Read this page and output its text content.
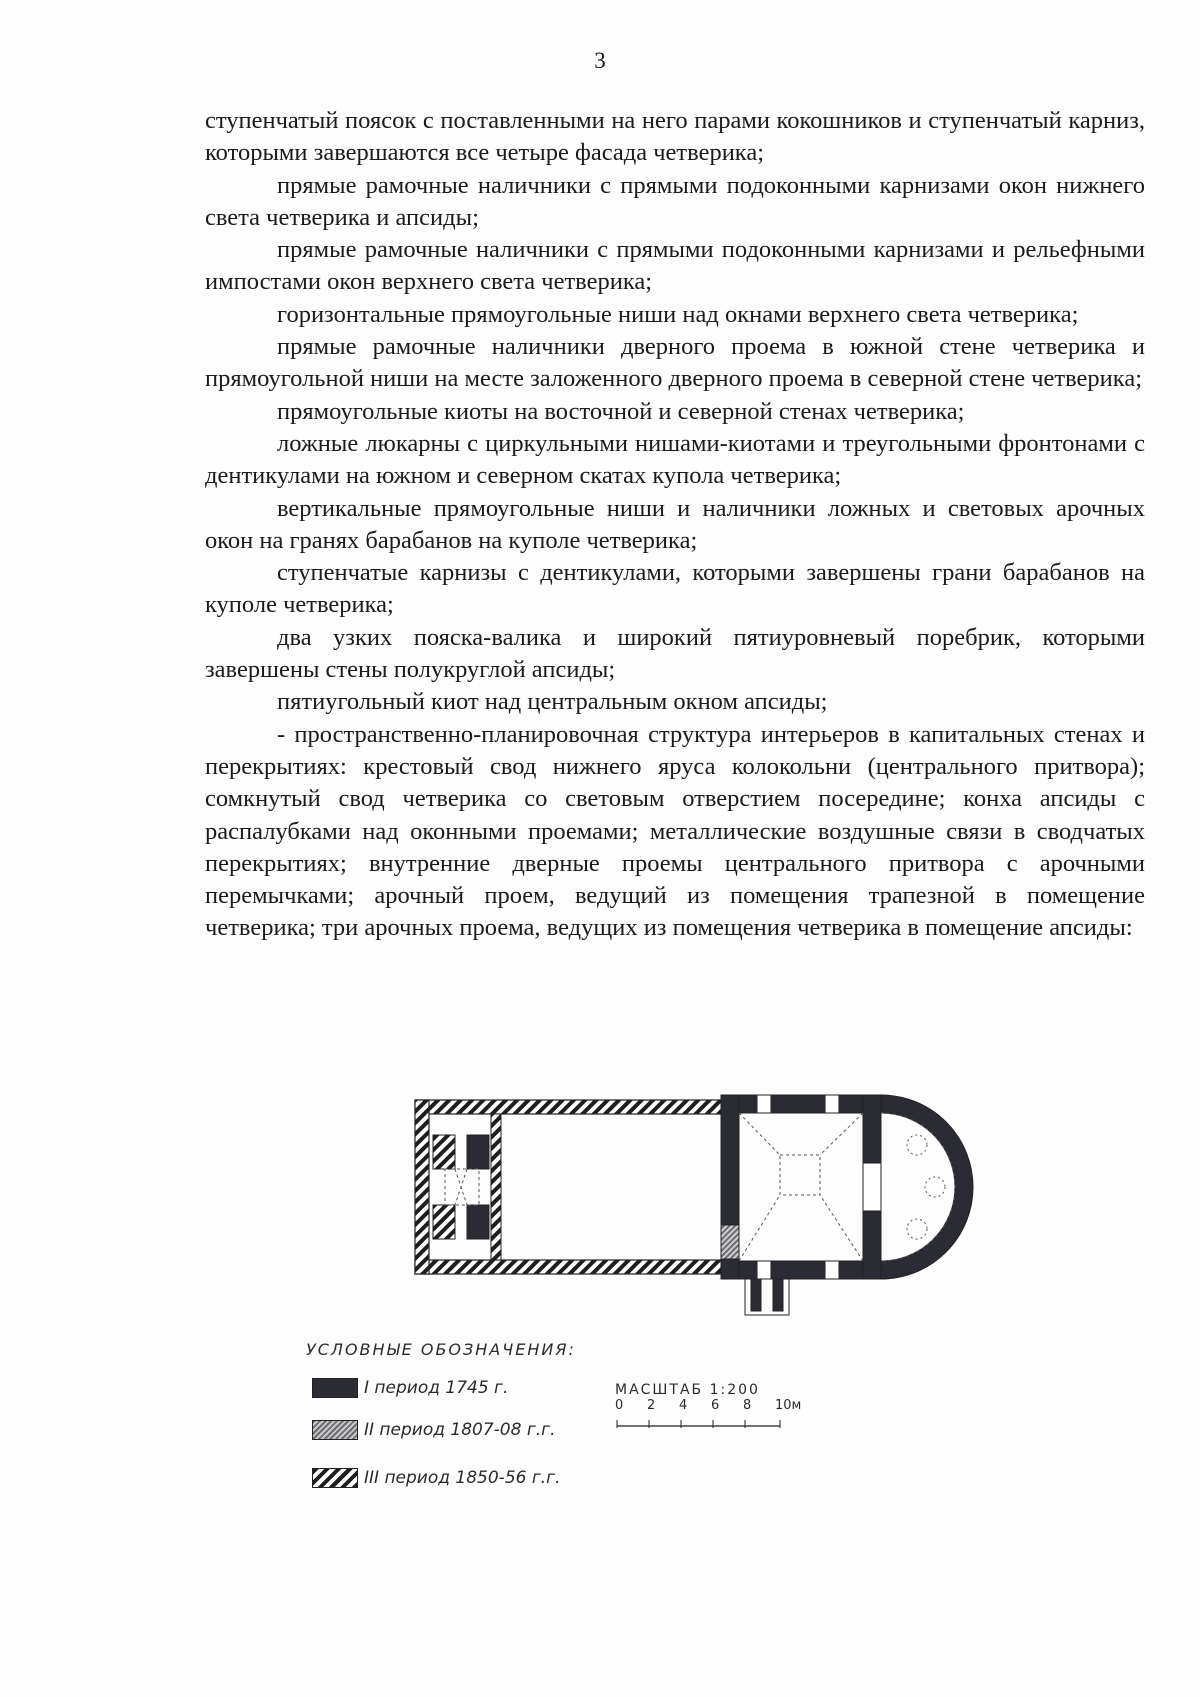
3

ступенчатый поясок с поставленными на него парами кокошников и ступенчатый карниз, которыми завершаются все четыре фасада четверика;

прямые рамочные наличники с прямыми подоконными карнизами окон нижнего света четверика и апсиды;

прямые рамочные наличники с прямыми подоконными карнизами и рельефными импостами окон верхнего света четверика;

горизонтальные прямоугольные ниши над окнами верхнего света четверика;

прямые рамочные наличники дверного проема в южной стене четверика и прямоугольной ниши на месте заложенного дверного проема в северной стене четверика;

прямоугольные киоты на восточной и северной стенах четверика;

ложные люкарны с циркульными нишами-киотами и треугольными фронтонами с дентикулами на южном и северном скатах купола четверика;

вертикальные прямоугольные ниши и наличники ложных и световых арочных окон на гранях барабанов на куполе четверика;

ступенчатые карнизы с дентикулами, которыми завершены грани барабанов на куполе четверика;

два узких пояска-валика и широкий пятиуровневый поребрик, которыми завершены стены полукруглой апсиды;

пятиугольный киот над центральным окном апсиды;

- пространственно-планировочная структура интерьеров в капитальных стенах и перекрытиях: крестовый свод нижнего яруса колокольни (центрального притвора); сомкнутый свод четверика со световым отверстием посередине; конха апсиды с распалубками над оконными проемами; металлические воздушные связи в сводчатых перекрытиях; внутренние дверные проемы центрального притвора с арочными перемычками; арочный проем, ведущий из помещения трапезной в помещение четверика; три арочных проема, ведущих из помещения четверика в помещение апсиды:

УСЛОВНЫЕ ОБОЗНАЧЕНИЯ:
I период 1745 г.
II период 1807-08 г.г.
III период 1850-56 г.г.
МАСШТАБ 1:200
0 2 4 6 8 10м
